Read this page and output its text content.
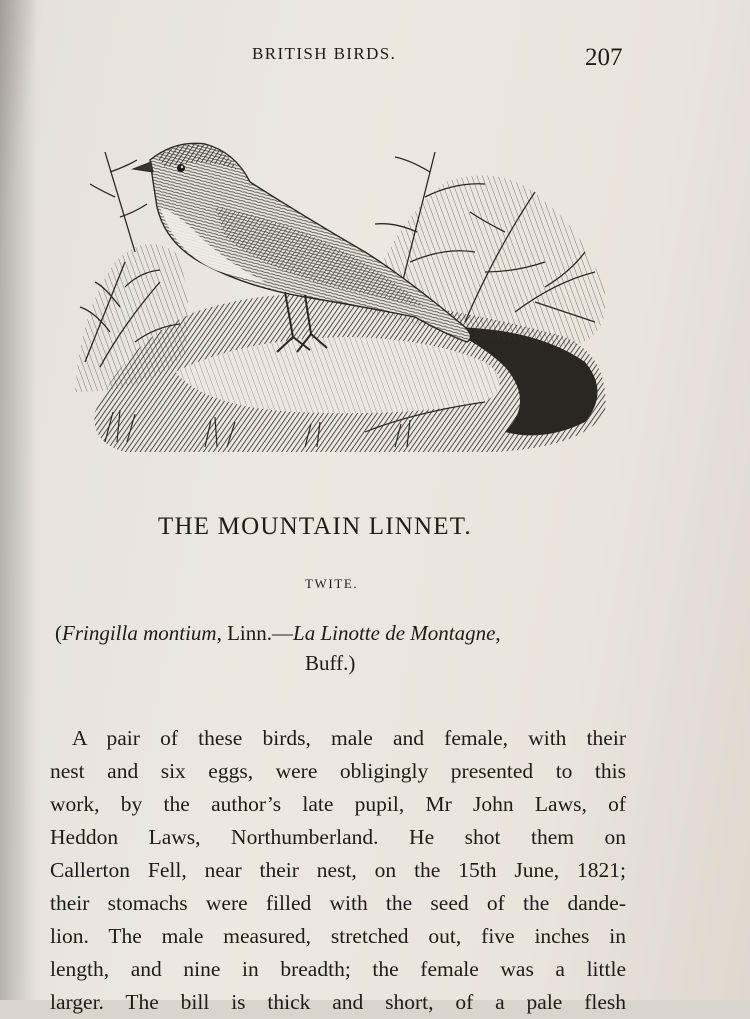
BRITISH BIRDS.	207
THE MOUNTAIN LINNET.
TWITE.
(Fringilla montium, Linn.—La Linotte de Montagne,
Buff.)
A pair of these birds, male and female, with their
nest and six eggs, were obligingly presented to this
work, by the author’s late pupil, Mr John Laws, of
Heddon Laws, Northumberland. He shot them on
Callerton Fell, near their nest, on the 15th June, 1821;
their stomachs were filled with the seed of the dande-
lion. The male measured, stretched out, five inches in
length, and nine in breadth; the female was a little
larger. The bill is thick and short, of a pale flesh
